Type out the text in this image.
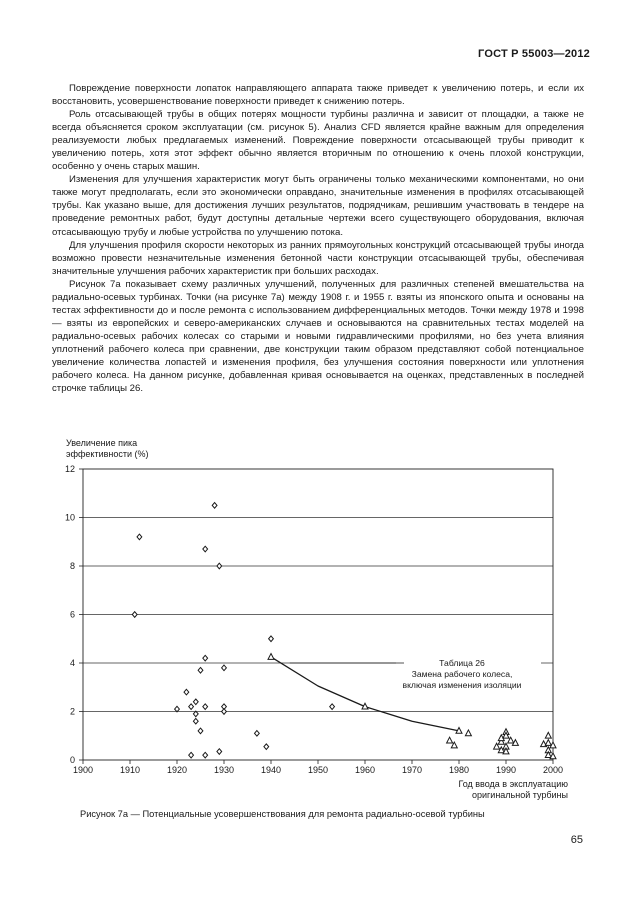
ГОСТ Р 55003—2012

Повреждение поверхности лопаток направляющего аппарата также приведет к увеличению потерь, и если их восстановить, усовершенствование поверхности приведет к снижению потерь.

Роль отсасывающей трубы в общих потерях мощности турбины различна и зависит от площадки, а также не всегда объясняется сроком эксплуатации (см. рисунок 5). Анализ CFD является крайне важным для определения реализуемости любых предлагаемых изменений. Повреждение поверхности отсасывающей трубы приводит к увеличению потерь, хотя этот эффект обычно является вторичным по отношению к очень плохой конструкции, особенно у очень старых машин.

Изменения для улучшения характеристик могут быть ограничены только механическими компонентами, но они также могут предполагать, если это экономически оправдано, значительные изменения в профилях отсасывающей трубы. Как указано выше, для достижения лучших результатов, подрядчикам, решившим участвовать в тендере на проведение ремонтных работ, будут доступны детальные чертежи всего существующего оборудования, включая отсасывающую трубу и любые устройства по улучшению потока.

Для улучшения профиля скорости некоторых из ранних прямоугольных конструкций отсасывающей трубы иногда возможно провести незначительные изменения бетонной части конструкции отсасывающей трубы, обеспечивая значительные улучшения рабочих характеристик при больших расходах.

Рисунок 7а показывает схему различных улучшений, полученных для различных степеней вмешательства на радиально-осевых турбинах. Точки (на рисунке 7а) между 1908 г. и 1955 г. взяты из японского опыта и основаны на тестах эффективности до и после ремонта с использованием дифференциальных методов. Точки между 1978 и 1998 — взяты из европейских и северо-американских случаев и основываются на сравнительных тестах моделей на радиально-осевых рабочих колесах со старыми и новыми гидравлическими профилями, но без учета влияния уплотнений рабочего колеса при сравнении, две конструкции таким образом представляют собой потенциальное увеличение количества лопастей и изменения профиля, без улучшения состояния поверхности или уплотнения рабочего колеса. На данном рисунке, добавленная кривая основывается на оценках, представленных в последней строчке таблицы 26.

Увеличение пика
эффективности (%)
0
2
4
6
8
10
12
1900	1910	1920	1930	1940	1950	1960	1970	1980	1990	2000
Год ввода в эксплуатацию
оригинальной турбины
Таблица 26
Замена рабочего колеса,
включая изменения изоляции
Рисунок 7а — Потенциальные усовершенствования для ремонта радиально-осевой турбины
65
